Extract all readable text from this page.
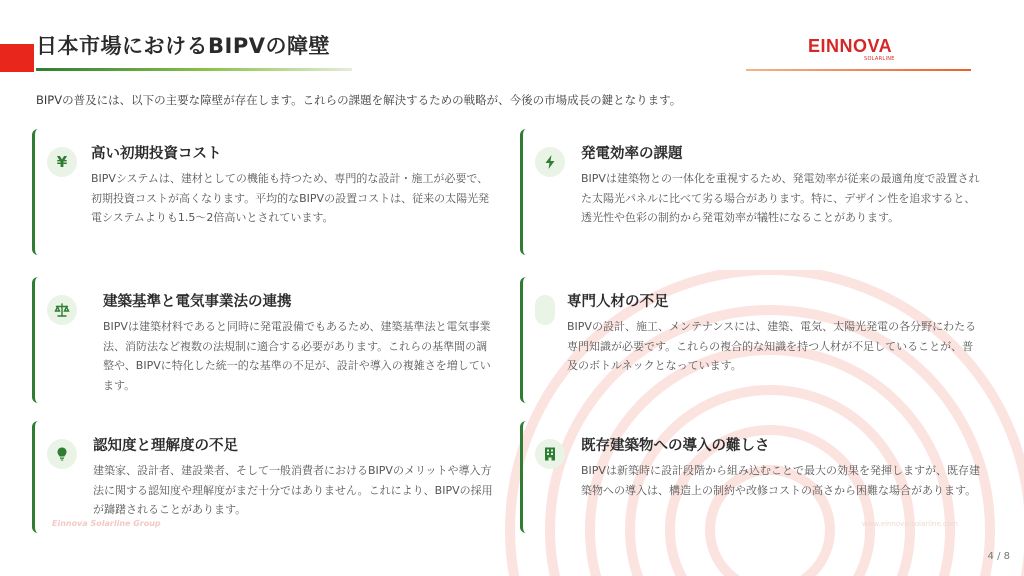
日本市場におけるBIPVの障壁	EINNOVA
SOLARLINE

BIPVの普及には、以下の主要な障壁が存在します。これらの課題を解決するための戦略が、今後の市場成長の鍵となります。

¥	高い初期投資コスト

BIPVシステムは、建材としての機能も持つため、専門的な設計・施工が必要で、初期投資コストが高くなります。平均的なBIPVの設置コストは、従来の太陽光発電システムよりも1.5〜2倍高いとされています。

発電効率の課題

BIPVは建築物との一体化を重視するため、発電効率が従来の最適角度で設置された太陽光パネルに比べて劣る場合があります。特に、デザイン性を追求すると、透光性や色彩の制約から発電効率が犠牲になることがあります。

建築基準と電気事業法の連携

BIPVは建築材料であると同時に発電設備でもあるため、建築基準法と電気事業法、消防法など複数の法規制に適合する必要があります。これらの基準間の調整や、BIPVに特化した統一的な基準の不足が、設計や導入の複雑さを増しています。

専門人材の不足

BIPVの設計、施工、メンテナンスには、建築、電気、太陽光発電の各分野にわたる専門知識が必要です。これらの複合的な知識を持つ人材が不足していることが、普及のボトルネックとなっています。

認知度と理解度の不足

建築家、設計者、建設業者、そして一般消費者におけるBIPVのメリットや導入方法に関する認知度や理解度がまだ十分ではありません。これにより、BIPVの採用が躊躇されることがあります。

既存建築物への導入の難しさ

BIPVは新築時に設計段階から組み込むことで最大の効果を発揮しますが、既存建築物への導入は、構造上の制約や改修コストの高さから困難な場合があります。

Einnova Solarline Group	www.einnova-solarline.com
4 / 8
